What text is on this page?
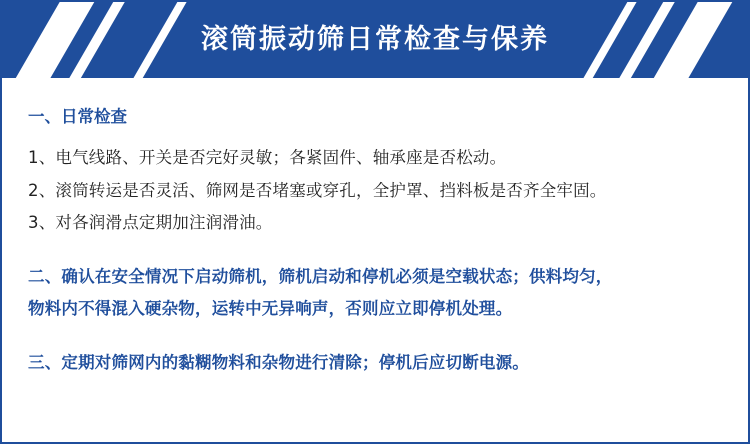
滚筒振动筛日常检查与保养

一、日常检查

1、电气线路、开关是否完好灵敏；各紧固件、轴承座是否松动。

2、滚筒转运是否灵活、筛网是否堵塞或穿孔，全护罩、挡料板是否齐全牢固。

3、对各润滑点定期加注润滑油。

二、确认在安全情况下启动筛机，筛机启动和停机必须是空载状态；供料均匀，

物料内不得混入硬杂物，运转中无异响声，否则应立即停机处理。

三、定期对筛网内的黏糊物料和杂物进行清除；停机后应切断电源。
